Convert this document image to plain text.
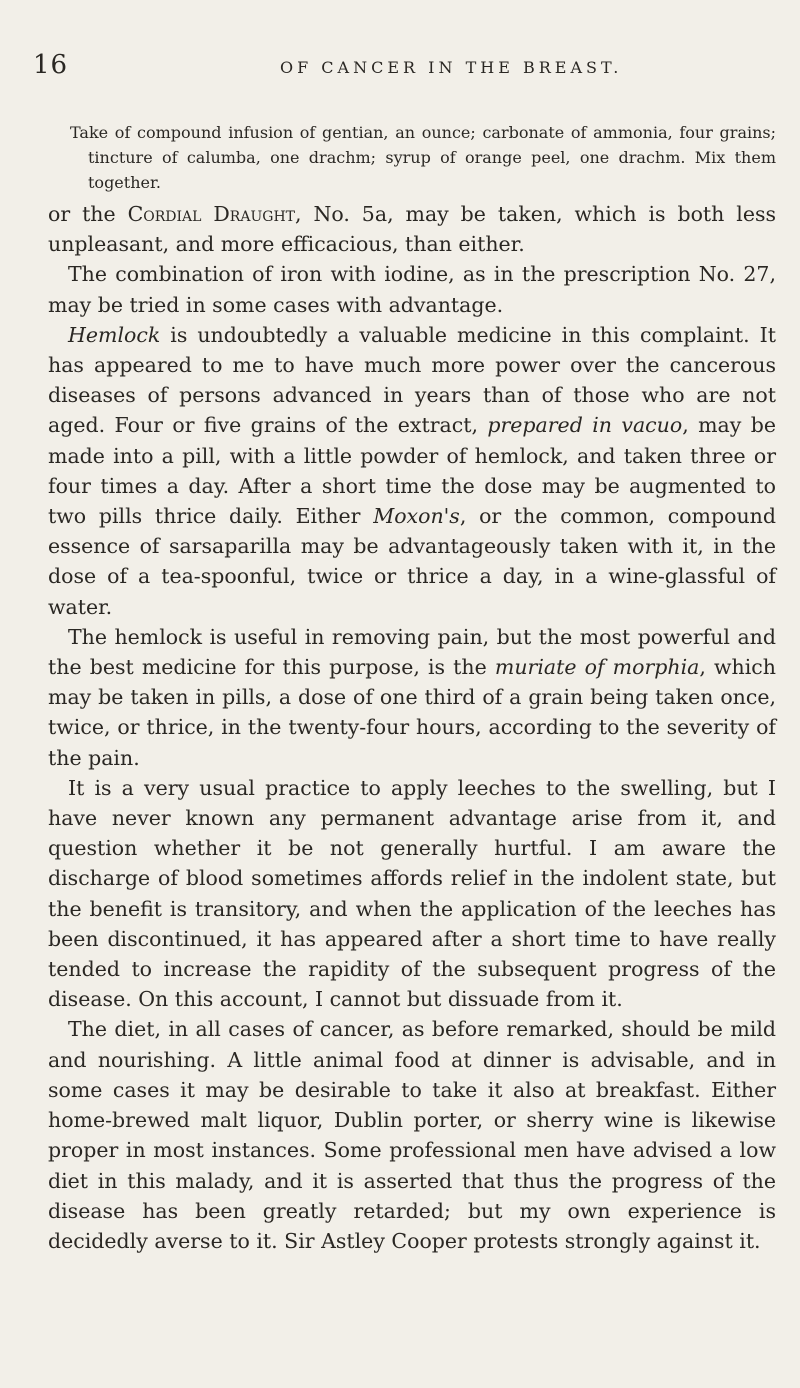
16	OF CANCER IN THE BREAST.

Take of compound infusion of gentian, an ounce; carbonate of ammonia, four grains; tincture of calumba, one drachm; syrup of orange peel, one drachm. Mix them together.

or the Cordial Draught, No. 5a, may be taken, which is both less unpleasant, and more efficacious, than either.

The combination of iron with iodine, as in the prescription No. 27, may be tried in some cases with advantage.

Hemlock is undoubtedly a valuable medicine in this complaint. It has appeared to me to have much more power over the cancerous diseases of persons advanced in years than of those who are not aged. Four or five grains of the extract, prepared in vacuo, may be made into a pill, with a little powder of hemlock, and taken three or four times a day. After a short time the dose may be augmented to two pills thrice daily. Either Moxon's, or the common, compound essence of sarsaparilla may be advantageously taken with it, in the dose of a tea-spoonful, twice or thrice a day, in a wine-glassful of water.

The hemlock is useful in removing pain, but the most powerful and the best medicine for this purpose, is the muriate of morphia, which may be taken in pills, a dose of one third of a grain being taken once, twice, or thrice, in the twenty-four hours, according to the severity of the pain.

It is a very usual practice to apply leeches to the swelling, but I have never known any permanent advantage arise from it, and question whether it be not generally hurtful. I am aware the discharge of blood sometimes affords relief in the indolent state, but the benefit is transitory, and when the application of the leeches has been discontinued, it has appeared after a short time to have really tended to increase the rapidity of the subsequent progress of the disease. On this account, I cannot but dissuade from it.

The diet, in all cases of cancer, as before remarked, should be mild and nourishing. A little animal food at dinner is advisable, and in some cases it may be desirable to take it also at breakfast. Either home-brewed malt liquor, Dublin porter, or sherry wine is likewise proper in most instances. Some professional men have advised a low diet in this malady, and it is asserted that thus the progress of the disease has been greatly retarded; but my own experience is decidedly averse to it. Sir Astley Cooper protests strongly against it.
